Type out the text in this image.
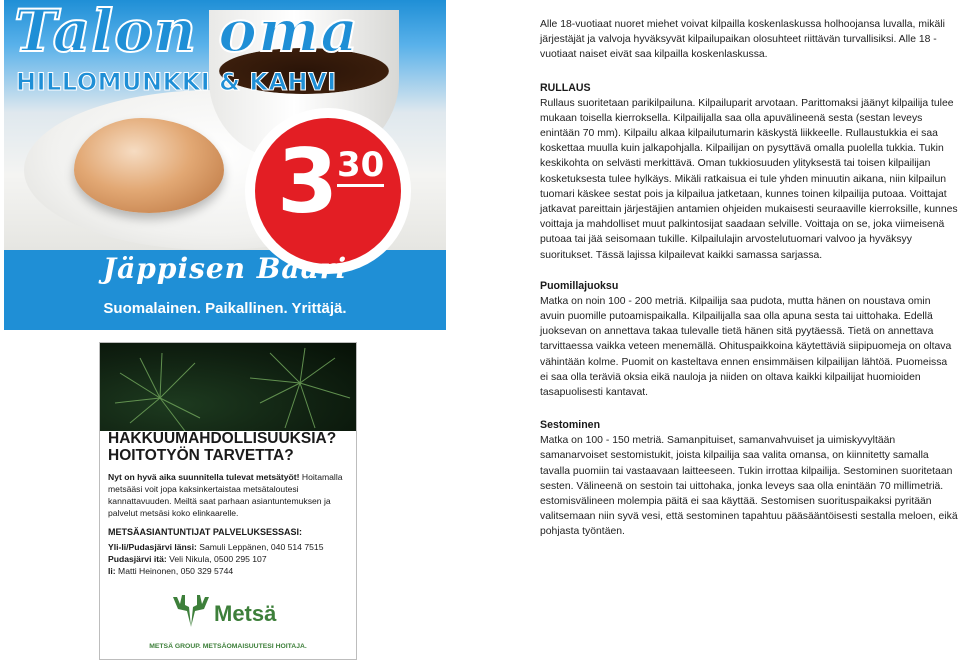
Talon oma

HILLOMUNKKI & KAHVI

3
30

Jäppisen Baari

Suomalainen. Paikallinen. Yrittäjä.

HAKKUUMAHDOLLISUUKSIA?
HOITOTYÖN TARVETTA?

Nyt on hyvä aika suunnitella tulevat metsätyöt! Hoitamalla metsääsi voit jopa kaksinkertaistaa metsätaloutesi kannattavuuden. Meiltä saat parhaan asiantuntemuksen ja palvelut metsäsi koko elinkaarelle.

METSÄASIANTUNTIJAT PALVELUKSESSASI:

Yli-Ii/Pudasjärvi länsi: Samuli Leppänen, 040 514 7515
Pudasjärvi itä: Veli Nikula, 0500 295 107
Ii: Matti Heinonen, 050 329 5744

Metsä

METSÄ GROUP. METSÄOMAISUUTESI HOITAJA.

Alle 18-vuotiaat nuoret miehet voivat kilpailla koskenlaskussa holhoojansa luvalla, mikäli järjestäjät ja valvoja hyväksyvät kilpailupaikan olosuhteet riittävän turvallisiksi. Alle 18 -vuotiaat naiset eivät saa kilpailla koskenlaskussa.

RULLAUS

Rullaus suoritetaan parikilpailuna. Kilpailuparit arvotaan. Parittomaksi jäänyt kilpailija tulee mukaan toisella kierroksella. Kilpailijalla saa olla apuvälineenä sesta (sestan leveys enintään 70 mm). Kilpailu alkaa kilpailutumarin käskystä liikkeelle. Rullaustukkia ei saa koskettaa muulla kuin jalkapohjalla. Kilpailijan on pysyttävä omalla puolella tukkia. Tukin keskikohta on selvästi merkittävä. Oman tukkiosuuden ylityksestä tai toisen kilpailijan kosketuksesta tulee hylkäys. Mikäli ratkaisua ei tule yhden minuutin aikana, niin kilpailun tuomari käskee sestat pois ja kilpailua jatketaan, kunnes toinen kilpailija putoaa. Voittajat jatkavat pareittain järjestäjien antamien ohjeiden mukaisesti seuraaville kierroksille, kunnes voittaja ja mahdolliset muut palkintosijat saadaan selville. Voittaja on se, joka viimeisenä putoaa tai jää seisomaan tukille. Kilpailulajin arvostelutuomari valvoo ja hyväksyy suoritukset. Tässä lajissa kilpailevat kaikki samassa sarjassa.

Puomillajuoksu

Matka on noin 100 - 200 metriä. Kilpailija saa pudota, mutta hänen on noustava omin avuin puomille putoamispaikalla. Kilpailijalla saa olla apuna sesta tai uittohaka. Edellä juoksevan on annettava takaa tulevalle tietä hänen sitä pyytäessä. Tietä on annettava tarvittaessa vaikka veteen menemällä. Ohituspaikkoina käytettäviä siipipuomeja on oltava vähintään kolme. Puomit on kasteltava ennen ensimmäisen kilpailijan lähtöä. Puomeissa ei saa olla teräviä oksia eikä nauloja ja niiden on oltava kaikki kilpailijat huomioiden tasapuolisesti kantavat.

Sestominen

Matka on 100 - 150 metriä. Samanpituiset, samanvahvuiset ja uimiskyvyltään samanarvoiset sestomistukit, joista kilpailija saa valita omansa, on kiinnitetty samalla tavalla puomiin tai vastaavaan laitteeseen. Tukin irrottaa kilpailija. Sestominen suoritetaan sesten. Välineenä on sestoin tai uittohaka, jonka leveys saa olla enintään 70 millimetriä. estomisvälineen molempia päitä ei saa käyttää. Sestomisen suorituspaikaksi pyritään valitsemaan niin syvä vesi, että sestominen tapahtuu pääsääntöisesti sestalla meloen, eikä pohjasta työntäen.
